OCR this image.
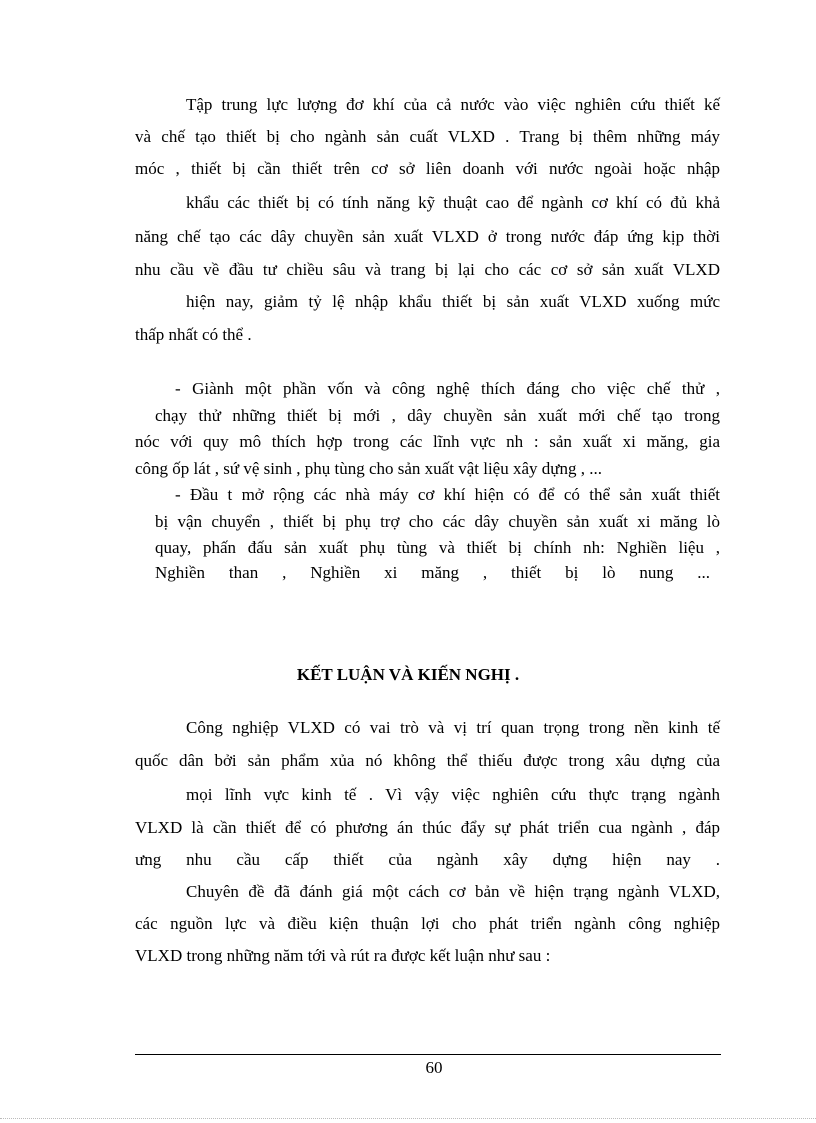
Tập trung lực lượng đơ khí của cả nước vào việc nghiên cứu thiết kế
và chế tạo thiết bị cho ngành sản cuất VLXD . Trang bị thêm những máy
móc , thiết bị cần thiết trên cơ sở liên doanh với nước ngoài hoặc nhập
khẩu các thiết bị có tính năng kỹ thuật cao để ngành cơ khí có đủ khả
năng chế tạo các dây chuyền sản xuất VLXD ở trong nước đáp ứng kịp thời
nhu cầu về đầu tư chiều sâu và trang bị lại cho các cơ sở sản xuất VLXD
hiện nay, giảm tỷ lệ nhập khẩu thiết bị sản xuất VLXD xuống mức
thấp nhất có thể .
- Giành một phần vốn và công nghệ thích đáng cho việc chế thử ,
chạy thử những thiết bị mới , dây chuyền sản xuất mới chế tạo trong
nóc với quy mô thích hợp trong các lĩnh vực nh : sản xuất xi măng, gia
công ốp lát , sứ vệ sinh , phụ tùng cho sản xuất vật liệu xây dựng , ...
- Đầu t mở rộng các nhà máy cơ khí hiện có để có thể sản xuất thiết
bị vận chuyển , thiết bị phụ trợ cho các dây chuyền sản xuất xi măng lò
quay, phấn đấu sản xuất phụ tùng và thiết bị chính nh: Nghiền liệu ,
Nghiền than , Nghiền xi măng , thiết bị lò nung ...
KẾT LUẬN VÀ KIẾN NGHỊ .
Công nghiệp VLXD có vai trò và vị trí quan trọng trong nền kinh tế
quốc dân bởi sản phẩm xủa nó không thể thiếu được trong xâu dựng của
mọi lĩnh vực kinh tế . Vì vậy việc nghiên cứu thực trạng ngành
VLXD là cần thiết để có phương án thúc đẩy sự phát triển cua ngành , đáp
ưng nhu cầu cấp thiết của ngành xây dựng hiện nay .
Chuyên đề đã đánh giá một cách cơ bản về hiện trạng ngành VLXD,
các nguồn lực và điều kiện thuận lợi cho phát triển ngành công nghiệp
VLXD trong những năm tới và rút ra được kết luận như sau :
60
